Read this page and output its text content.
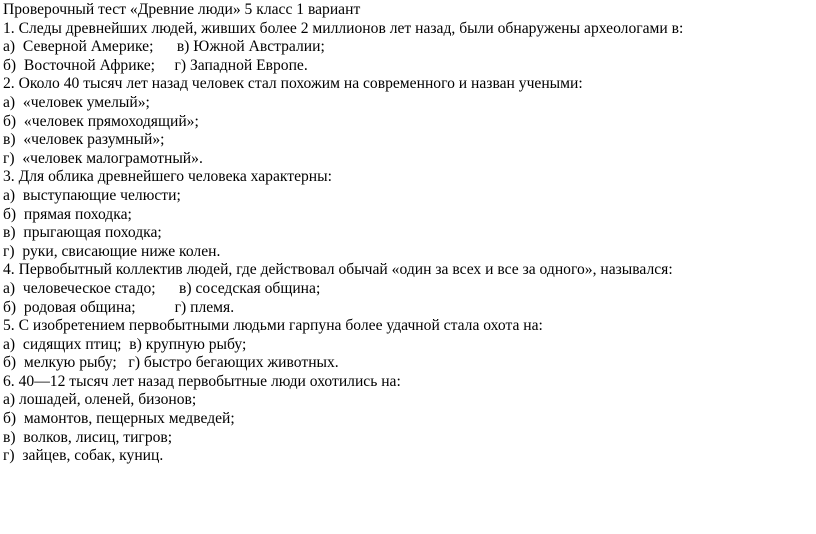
Проверочный тест «Древние люди» 5 класс 1 вариант
1. Следы древнейших людей, живших более 2 миллионов лет назад, были обнаружены археологами в:
а)  Северной Америке;      в) Южной Австралии;
б)  Восточной Африке;     г) Западной Европе.
2. Около 40 тысяч лет назад человек стал похожим на современного и назван учеными:
а)  «человек умелый»;
б)  «человек прямоходящий»;
в)  «человек разумный»;
г)  «человек малограмотный».
3. Для облика древнейшего человека характерны:
а)  выступающие челюсти;
б)  прямая походка;
в)  прыгающая походка;
г)  руки, свисающие ниже колен.
4. Первобытный коллектив людей, где действовал обычай «один за всех и все за одного», назывался:
а)  человеческое стадо;      в) соседская община;
б)  родовая община;          г) племя.
5. С изобретением первобытными людьми гарпуна более удачной стала охота на:
а)  сидящих птиц;  в) крупную рыбу;
б)  мелкую рыбу;   г) быстро бегающих животных.
6. 40—12 тысяч лет назад первобытные люди охотились на:
а) лошадей, оленей, бизонов;
б)  мамонтов, пещерных медведей;
в)  волков, лисиц, тигров;
г)  зайцев, собак, куниц.
